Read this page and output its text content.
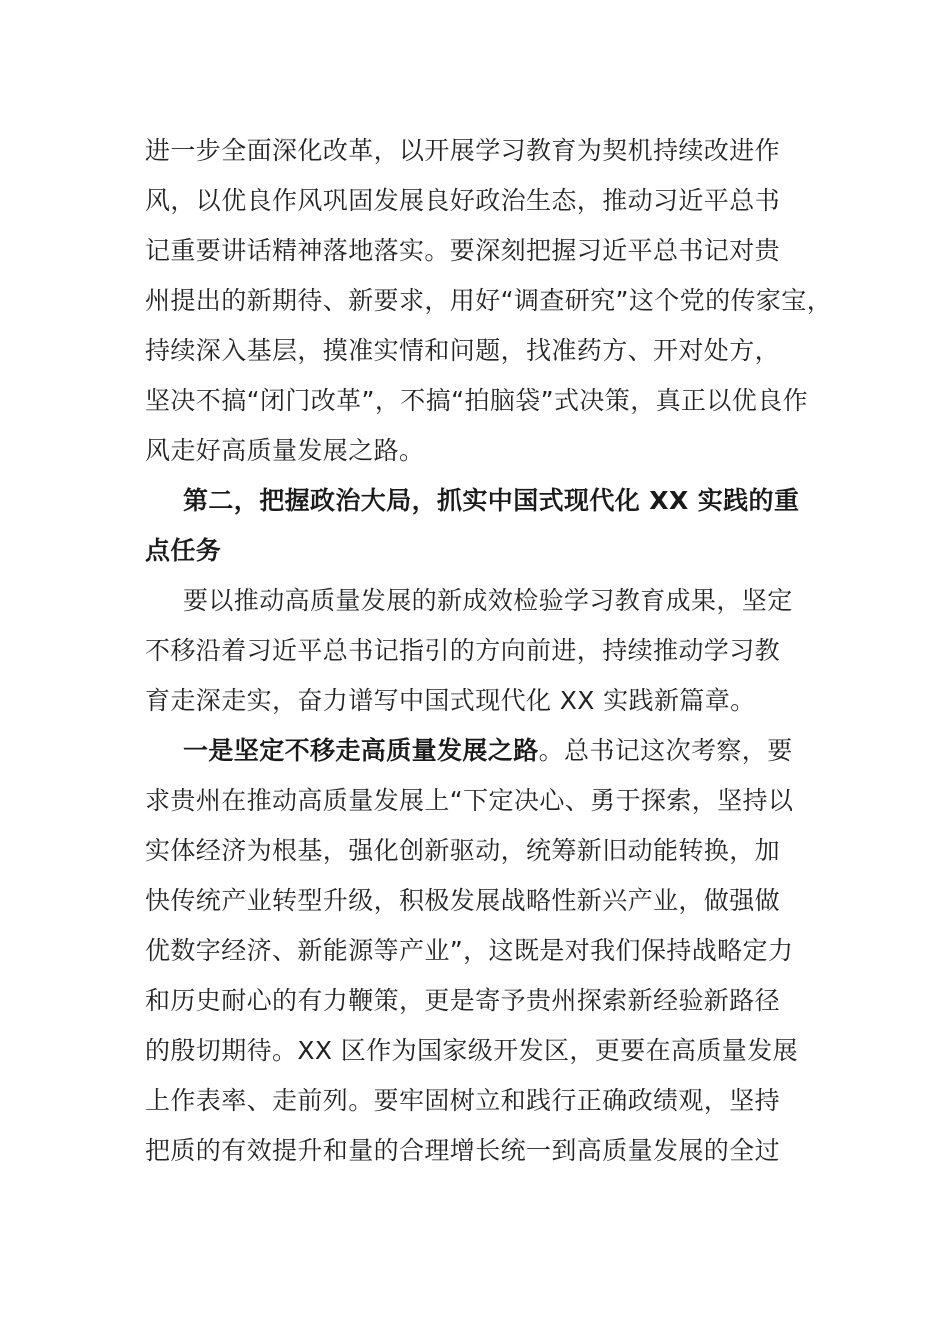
进一步全面深化改革，以开展学习教育为契机持续改进作

风，以优良作风巩固发展良好政治生态，推动习近平总书

记重要讲话精神落地落实。要深刻把握习近平总书记对贵

州提出的新期待、新要求，用好“调查研究”这个党的传家宝，

持续深入基层，摸准实情和问题，找准药方、开对处方，

坚决不搞“闭门改革”，不搞“拍脑袋”式决策，真正以优良作

风走好高质量发展之路。

第二，把握政治大局，抓实中国式现代化 XX 实践的重

点任务

要以推动高质量发展的新成效检验学习教育成果，坚定

不移沿着习近平总书记指引的方向前进，持续推动学习教

育走深走实，奋力谱写中国式现代化 XX 实践新篇章。

一是坚定不移走高质量发展之路。总书记这次考察，要

求贵州在推动高质量发展上“下定决心、勇于探索，坚持以

实体经济为根基，强化创新驱动，统筹新旧动能转换，加

快传统产业转型升级，积极发展战略性新兴产业，做强做

优数字经济、新能源等产业”，这既是对我们保持战略定力

和历史耐心的有力鞭策，更是寄予贵州探索新经验新路径

的殷切期待。XX 区作为国家级开发区，更要在高质量发展

上作表率、走前列。要牢固树立和践行正确政绩观，坚持

把质的有效提升和量的合理增长统一到高质量发展的全过
